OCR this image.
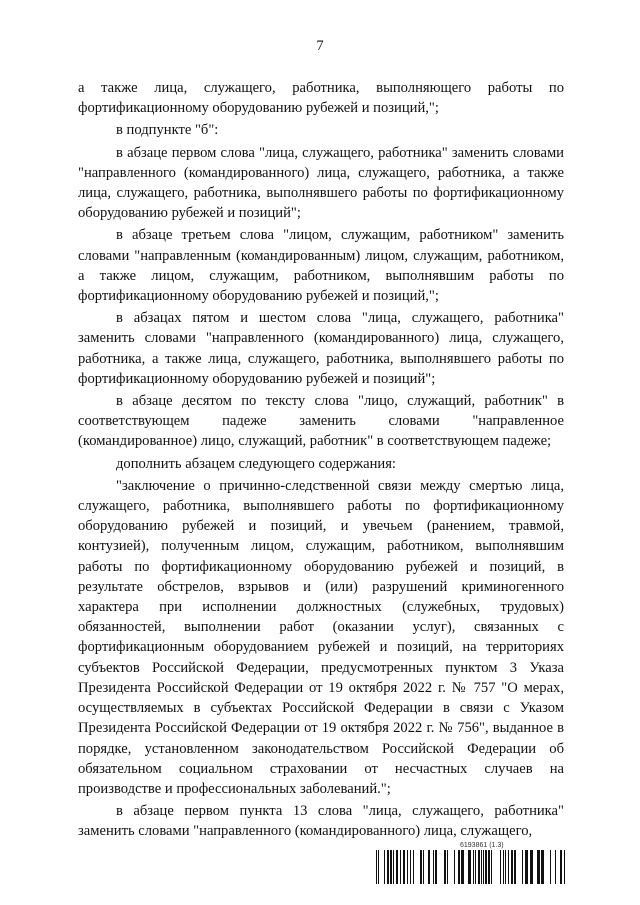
7

а также лица, служащего, работника, выполняющего работы по фортификационному оборудованию рубежей и позиций,";

в подпункте "б":

в абзаце первом слова "лица, служащего, работника" заменить словами "направленного (командированного) лица, служащего, работника, а также лица, служащего, работника, выполнявшего работы по фортификационному оборудованию рубежей и позиций";

в абзаце третьем слова "лицом, служащим, работником" заменить словами "направленным (командированным) лицом, служащим, работником, а также лицом, служащим, работником, выполнявшим работы по фортификационному оборудованию рубежей и позиций,";

в абзацах пятом и шестом слова "лица, служащего, работника" заменить словами "направленного (командированного) лица, служащего, работника, а также лица, служащего, работника, выполнявшего работы по фортификационному оборудованию рубежей и позиций";

в абзаце десятом по тексту слова "лицо, служащий, работник" в соответствующем падеже заменить словами "направленное (командированное) лицо, служащий, работник" в соответствующем падеже;

дополнить абзацем следующего содержания:

"заключение о причинно-следственной связи между смертью лица, служащего, работника, выполнявшего работы по фортификационному оборудованию рубежей и позиций, и увечьем (ранением, травмой, контузией), полученным лицом, служащим, работником, выполнявшим работы по фортификационному оборудованию рубежей и позиций, в результате обстрелов, взрывов и (или) разрушений криминогенного характера при исполнении должностных (служебных, трудовых) обязанностей, выполнении работ (оказании услуг), связанных с фортификационным оборудованием рубежей и позиций, на территориях субъектов Российской Федерации, предусмотренных пунктом 3 Указа Президента Российской Федерации от 19 октября 2022 г. № 757 "О мерах, осуществляемых в субъектах Российской Федерации в связи с Указом Президента Российской Федерации от 19 октября 2022 г. № 756", выданное в порядке, установленном законодательством Российской Федерации об обязательном социальном страховании от несчастных случаев на производстве и профессиональных заболеваний.";

в абзаце первом пункта 13 слова "лица, служащего, работника" заменить словами "направленного (командированного) лица, служащего,

6193861 (1.3)
